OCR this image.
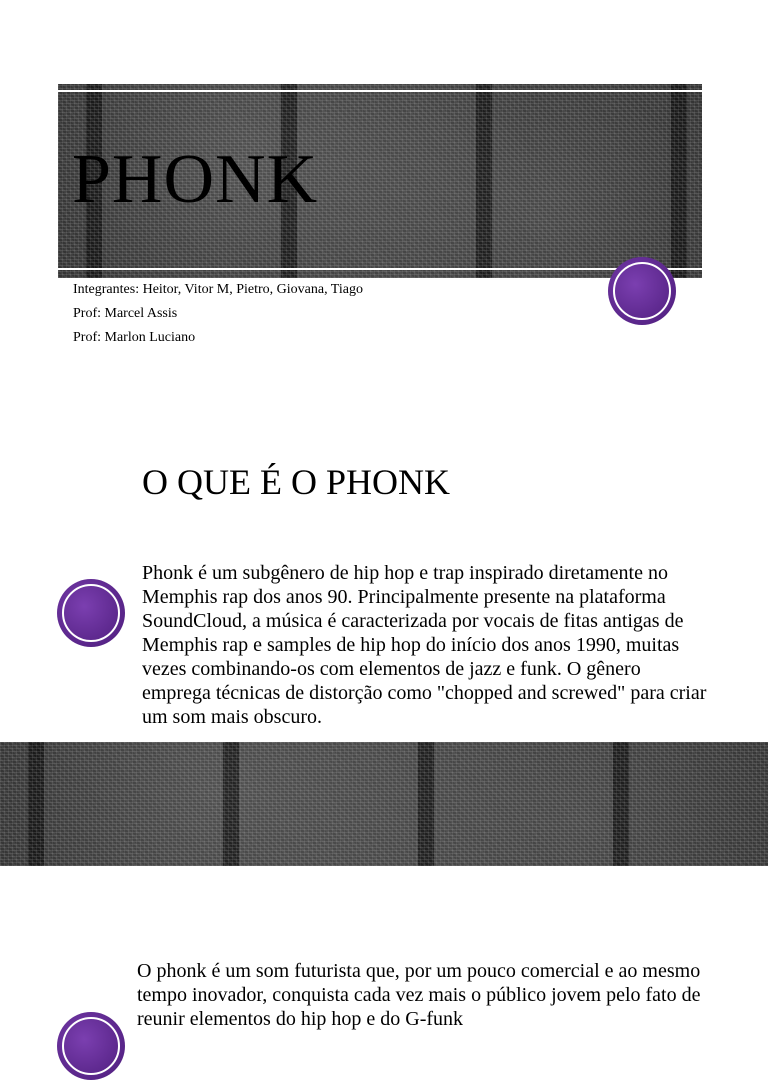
PHONK
Integrantes: Heitor, Vitor M, Pietro, Giovana, Tiago
Prof: Marcel Assis
Prof: Marlon Luciano
O QUE É O PHONK

Phonk é um subgênero de hip hop e trap inspirado diretamente no Memphis rap dos anos 90. Principalmente presente na plataforma SoundCloud, a música é caracterizada por vocais de fitas antigas de Memphis rap e samples de hip hop do início dos anos 1990, muitas vezes combinando-os com elementos de jazz e funk. O gênero emprega técnicas de distorção como "chopped and screwed" para criar um som mais obscuro.

O phonk é um som futurista que, por um pouco comercial e ao mesmo tempo inovador, conquista cada vez mais o público jovem pelo fato de reunir elementos do hip hop e do G-funk
